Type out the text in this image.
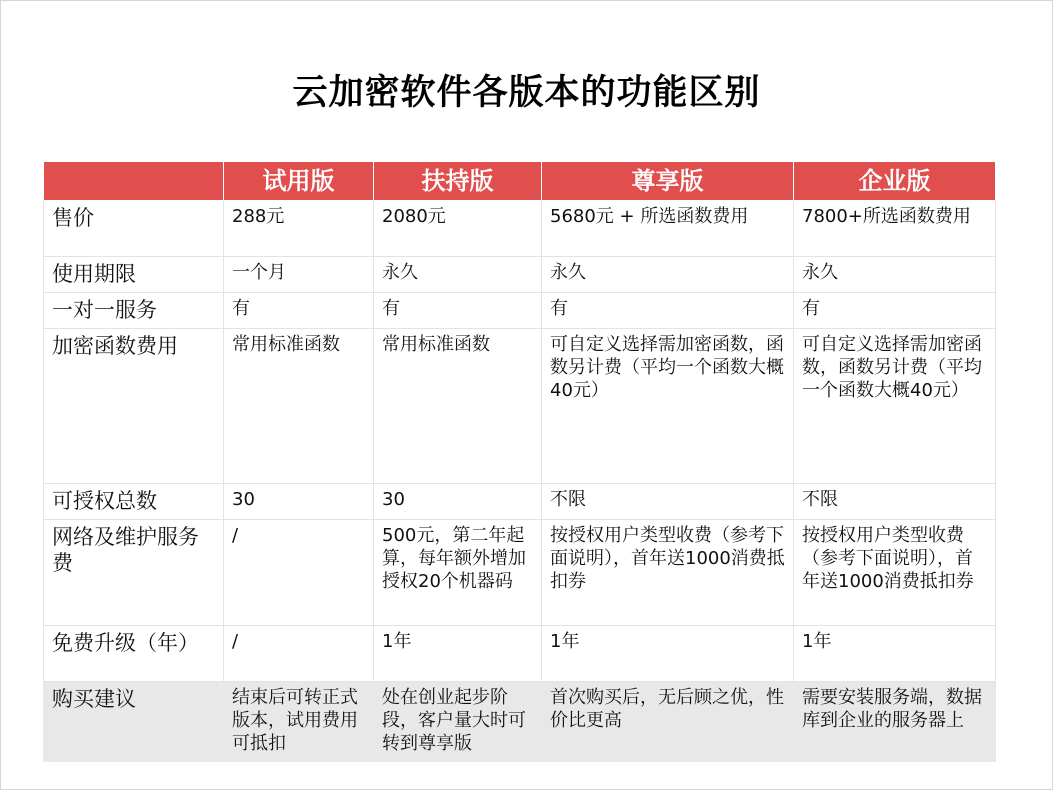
云加密软件各版本的功能区别
	试用版	扶持版	尊享版	企业版
售价	288元	2080元	5680元 + 所选函数费用	7800+所选函数费用
使用期限	一个月	永久	永久	永久
一对一服务	有	有	有	有
加密函数费用	常用标准函数	常用标准函数	可自定义选择需加密函数，函数另计费（平均一个函数大概40元）	可自定义选择需加密函数，函数另计费（平均一个函数大概40元）
可授权总数	30	30	不限	不限
网络及维护服务费	/	500元，第二年起算，每年额外增加授权20个机器码	按授权用户类型收费（参考下面说明），首年送1000消费抵扣券	按授权用户类型收费（参考下面说明），首年送1000消费抵扣券
免费升级（年）	/	1年	1年	1年
购买建议	结束后可转正式版本，试用费用可抵扣	处在创业起步阶段，客户量大时可转到尊享版	首次购买后，无后顾之优，性价比更高	需要安装服务端，数据库到企业的服务器上
